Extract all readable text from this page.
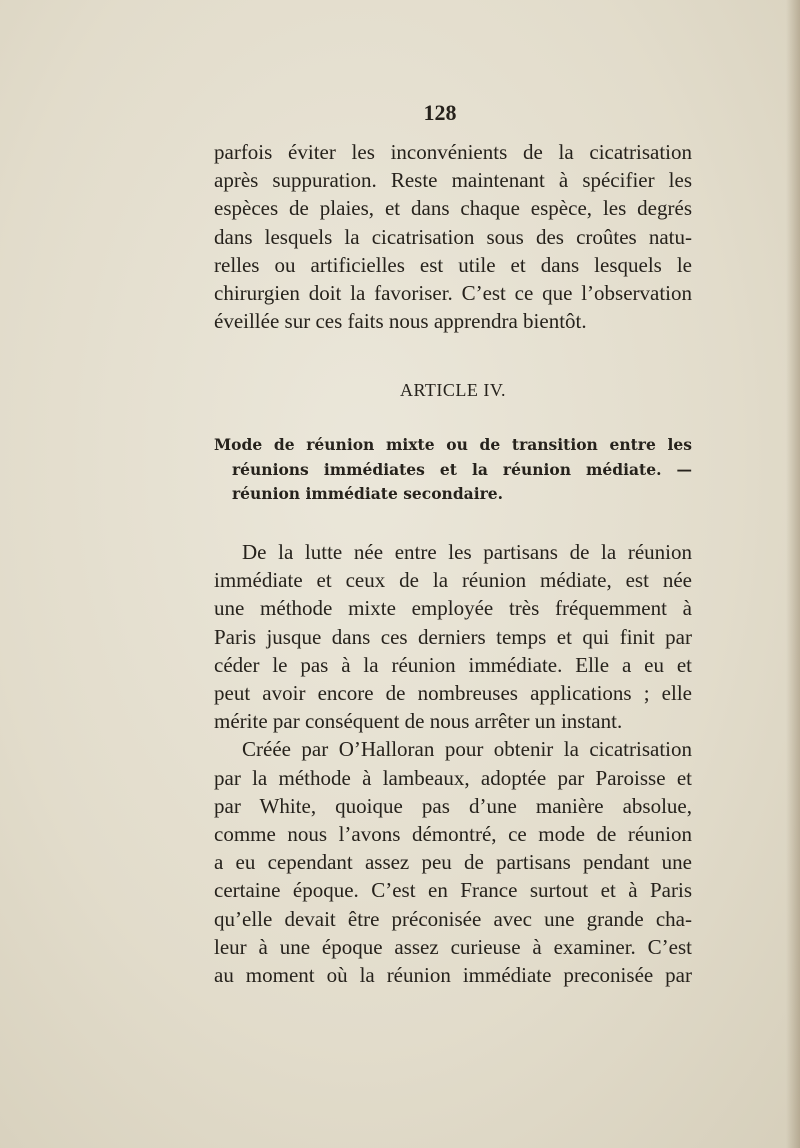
128
parfois éviter les inconvénients de la cicatrisation
après suppuration. Reste maintenant à spécifier les
espèces de plaies, et dans chaque espèce, les degrés
dans lesquels la cicatrisation sous des croûtes natu-
relles ou artificielles est utile et dans lesquels le
chirurgien doit la favoriser. C’est ce que l’observation
éveillée sur ces faits nous apprendra bientôt.
ARTICLE IV.
Mode de réunion mixte ou de transition entre les
réunions immédiates et la réunion médiate. —
réunion immédiate secondaire.
De la lutte née entre les partisans de la réunion
immédiate et ceux de la réunion médiate, est née
une méthode mixte employée très fréquemment à
Paris jusque dans ces derniers temps et qui finit par
céder le pas à la réunion immédiate. Elle a eu et
peut avoir encore de nombreuses applications ; elle
mérite par conséquent de nous arrêter un instant.
Créée par O’Halloran pour obtenir la cicatrisation
par la méthode à lambeaux, adoptée par Paroisse et
par White, quoique pas d’une manière absolue,
comme nous l’avons démontré, ce mode de réunion
a eu cependant assez peu de partisans pendant une
certaine époque. C’est en France surtout et à Paris
qu’elle devait être préconisée avec une grande cha-
leur à une époque assez curieuse à examiner. C’est
au moment où la réunion immédiate preconisée par
